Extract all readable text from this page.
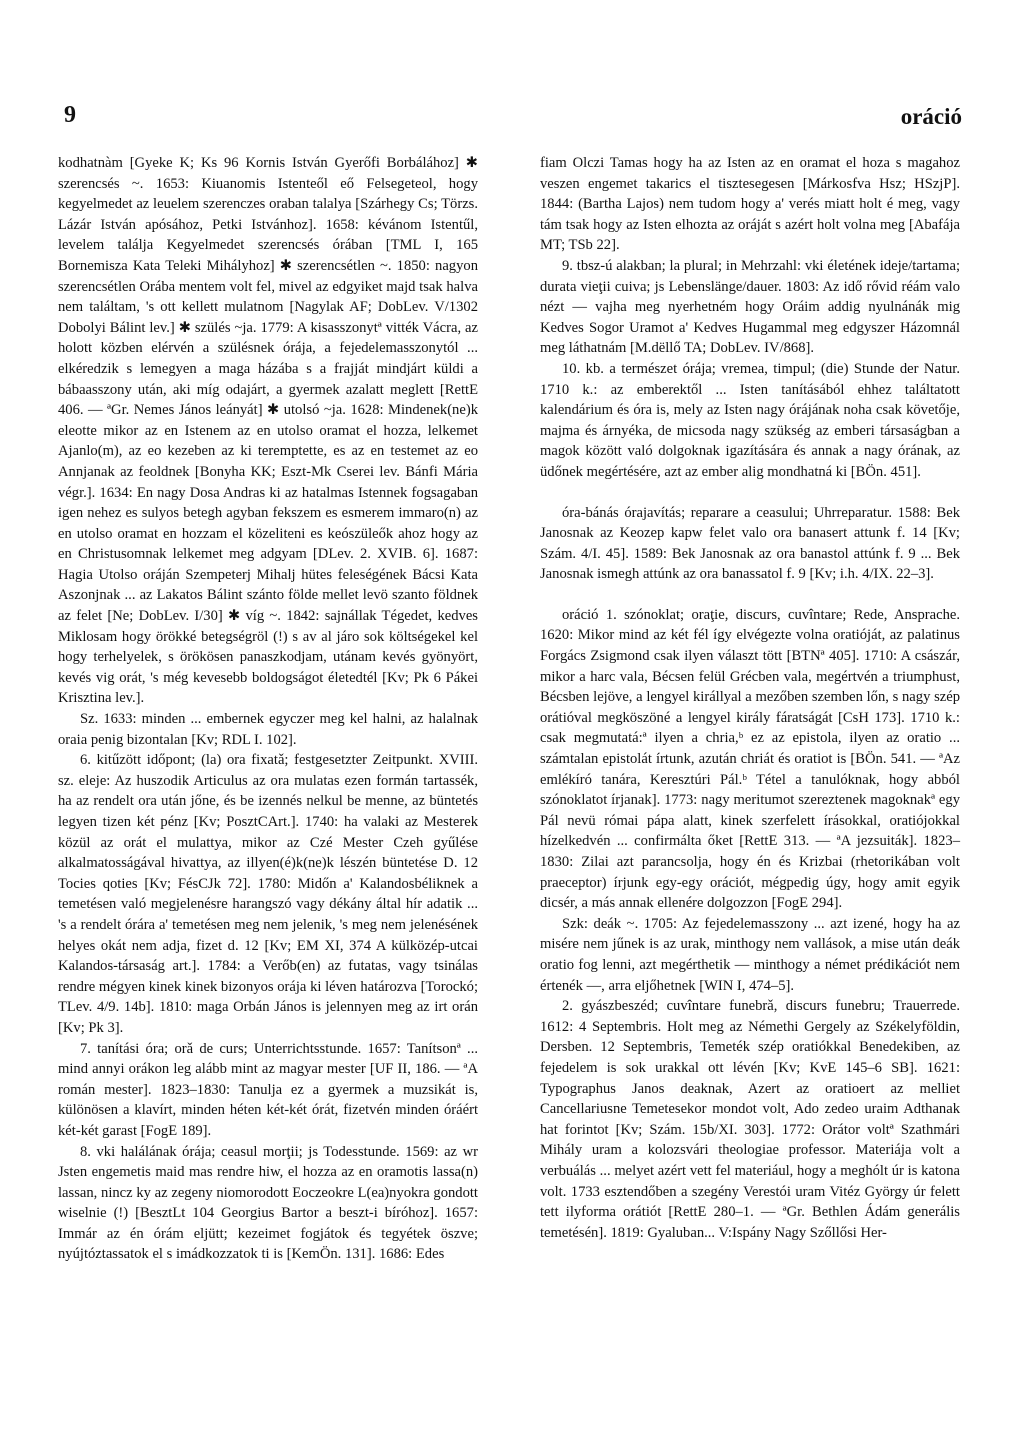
9	oráció

kodhatnàm [Gyeke K; Ks 96 Kornis István Gyerőfi Borbálához] ✱ szerencsés ~. 1653: Kiuanomis Istenteől eő Felsegeteol, hogy kegyelmedet az leuelem szerenczes oraban talalya [Szárhegy Cs; Törzs. Lázár István apósához, Petki Istvánhoz]. 1658: kévánom Istentűl, levelem találja Kegyelmedet szerencsés órában [TML I, 165 Bornemisza Kata Teleki Mihályhoz] ✱ szerencsétlen ~. 1850: nagyon szerencsétlen Orába mentem volt fel, mivel az edgyiket majd tsak halva nem találtam, 's ott kellett mulatnom [Nagylak AF; DobLev. V/1302 Dobolyi Bálint lev.] ✱ szülés ~ja. 1779: A kisasszonytª vitték Vácra, az holott közben elérvén a szülésnek órája, a fejedelemasszonytól ... elkéredzik s lemegyen a maga házába s a frajját mindjárt küldi a bábaasszony után, aki míg odajárt, a gyermek azalatt meglett [RettE 406. — ªGr. Nemes János leányát] ✱ utolsó ~ja. 1628: Mindenek(ne)k eleotte mikor az en Istenem az en utolso oramat el hozza, lelkemet Ajanlo(m), az eo kezeben az ki teremptette, es az en testemet az eo Annjanak az feoldnek [Bonyha KK; Eszt-Mk Cserei lev. Bánfi Mária végr.]. 1634: En nagy Dosa Andras ki az hatalmas Istennek fogsagaban igen nehez es sulyos betegh agyban fekszem es esmerem immaro(n) az en utolso oramat en hozzam el közeliteni es keószüleők ahoz hogy az en Christusomnak lelkemet meg adgyam [DLev. 2. XVIB. 6]. 1687: Hagia Utolso oráján Szempeterj Mihalj hütes feleségének Bácsi Kata Aszonjnak ... az Lakatos Bálint szánto földe mellet levö szanto földnek az felet [Ne; DobLev. I/30] ✱ víg ~. 1842: sajnállak Tégedet, kedves Miklosam hogy örökké betegségröl (!) s av al járo sok költségekel kel hogy terhelyelek, s örökösen panaszkodjam, utánam kevés gyönyört, kevés vig orát, 's még kevesebb boldogságot életedtél [Kv; Pk 6 Pákei Krisztina lev.].

Sz. 1633: minden ... embernek egyczer meg kel halni, az halalnak oraia penig bizontalan [Kv; RDL I. 102].

6. kitűzött időpont; (la) ora fixatǎ; festgesetzter Zeitpunkt. XVIII. sz. eleje: Az huszodik Articulus az ora mulatas ezen formán tartassék, ha az rendelt ora után jőne, és be izennés nelkul be menne, az büntetés legyen tizen két pénz [Kv; PosztCArt.]. 1740: ha valaki az Mesterek közül az orát el mulattya, mikor az Czé Mester Czeh gyűlése alkalmatosságával hivattya, az illyen(é)k(ne)k lészén büntetése D. 12 Tocies qoties [Kv; FésCJk 72]. 1780: Midőn a' Kalandosbéliknek a temetésen való megjelenésre harangszó vagy dékány által hír adatik ... 's a rendelt órára a' temetésen meg nem jelenik, 's meg nem jelenésének helyes okát nem adja, fizet d. 12 [Kv; EM XI, 374 A külközép-utcai Kalandos-társaság art.]. 1784: a Verőb(en) az futatas, vagy tsinálas rendre mégyen kinek kinek bizonyos orája ki léven határozva [Torockó; TLev. 4/9. 14b]. 1810: maga Orbán János is jelennyen meg az irt orán [Kv; Pk 3].

7. tanítási óra; orǎ de curs; Unterrichtsstunde. 1657: Tanítsonª ... mind annyi orákon leg alább mint az magyar mester [UF II, 186. — ªA román mester]. 1823–1830: Tanulja ez a gyermek a muzsikát is, különösen a klavírt, minden héten két-két órát, fizetvén minden óráért két-két garast [FogE 189].

8. vki halálának órája; ceasul morţii; js Todesstunde. 1569: az wr Jsten engemetis maid mas rendre hiw, el hozza az en oramotis lassa(n) lassan, nincz ky az zegeny niomorodott Eoczeokre L(ea)nyokra gondott wiselnie (!) [BesztLt 104 Georgius Bartor a beszt-i bíróhoz]. 1657: Immár az én órám eljütt; kezeimet fogjátok és tegyétek öszve; nyújtóztassatok el s imádkozzatok ti is [KemÖn. 131]. 1686: Edes

fiam Olczi Tamas hogy ha az Isten az en oramat el hoza s magahoz veszen engemet takarics el tisztesegesen [Márkosfva Hsz; HSzjP]. 1844: (Bartha Lajos) nem tudom hogy a' verés miatt holt é meg, vagy tám tsak hogy az Isten elhozta az oráját s azért holt volna meg [Abafája MT; TSb 22].

9. tbsz-ú alakban; la plural; in Mehrzahl: vki életének ideje/tartama; durata vieţii cuiva; js Lebenslänge/dauer. 1803: Az idő rővid réám valo nézt — vajha meg nyerhetném hogy Oráim addig nyulnánák mig Kedves Sogor Uramot a' Kedves Hugammal meg edgyszer Házomnál meg láthatnám [M.dëllő TA; DobLev. IV/868].

10. kb. a természet órája; vremea, timpul; (die) Stunde der Natur. 1710 k.: az emberektől ... Isten tanításából ehhez találtatott kalendárium és óra is, mely az Isten nagy órájának noha csak követője, majma és árnyéka, de micsoda nagy szükség az emberi társaságban a magok között való dolgoknak igazítására és annak a nagy órának, az üdőnek megértésére, azt az ember alig mondhatná ki [BÖn. 451].

óra-bánás órajavítás; reparare a ceasului; Uhrreparatur. 1588: Bek Janosnak az Keozep kapw felet valo ora banasert attunk f. 14 [Kv; Szám. 4/I. 45]. 1589: Bek Janosnak az ora banastol attúnk f. 9 ... Bek Janosnak ismegh attúnk az ora banassatol f. 9 [Kv; i.h. 4/IX. 22–3].

oráció 1. szónoklat; oraţie, discurs, cuvîntare; Rede, Ansprache. 1620: Mikor mind az két fél így elvégezte volna oratióját, az palatinus Forgács Zsigmond csak ilyen választ tött [BTNª 405]. 1710: A császár, mikor a harc vala, Bécsen felül Grécben vala, megértvén a triumphust, Bécsben lejöve, a lengyel királlyal a mezőben szemben lőn, s nagy szép orátióval megköszöné a lengyel király fáratságát [CsH 173]. 1710 k.: csak megmutatá:ª ilyen a chria,ᵇ ez az epistola, ilyen az oratio ... számtalan epistolát írtunk, azután chriát és oratiot is [BÖn. 541. — ªAz emlékíró tanára, Keresztúri Pál.ᵇ Tétel a tanulóknak, hogy abból szónoklatot írjanak]. 1773: nagy meritumot szereztenek magoknakª egy Pál nevü római pápa alatt, kinek szerfelett írásokkal, oratiójokkal hízelkedvén ... confirmálta őket [RettE 313. — ªA jezsuiták]. 1823–1830: Zilai azt parancsolja, hogy én és Krizbai (rhetorikában volt praeceptor) írjunk egy-egy orációt, mégpedig úgy, hogy amit egyik dicsér, a más annak ellenére dolgozzon [FogE 294].

Szk: deák ~. 1705: Az fejedelemasszony ... azt izené, hogy ha az misére nem jűnek is az urak, minthogy nem vallások, a mise után deák oratio fog lenni, azt megérthetik — minthogy a német prédikációt nem értenék —, arra eljőhetnek [WIN I, 474–5].

2. gyászbeszéd; cuvîntare funebrǎ, discurs funebru; Trauerrede. 1612: 4 Septembris. Holt meg az Némethi Gergely az Székelyföldin, Dersben. 12 Septembris, Temeték szép oratiókkal Benedekiben, az fejedelem is sok urakkal ott lévén [Kv; KvE 145–6 SB]. 1621: Typographus Janos deaknak, Azert az oratioert az melliet Cancellariusne Temetesekor mondot volt, Ado zedeo uraim Adthanak hat forintot [Kv; Szám. 15b/XI. 303]. 1772: Orátor voltª Szathmári Mihály uram a kolozsvári theologiae professor. Materiája volt a verbuálás ... melyet azért vett fel materiául, hogy a meghólt úr is katona volt. 1733 esztendőben a szegény Verestói uram Vitéz György úr felett tett ilyforma orátiót [RettE 280–1. — ªGr. Bethlen Ádám generális temetésén]. 1819: Gyaluban... V:Ispány Nagy Szőllősi Her-
